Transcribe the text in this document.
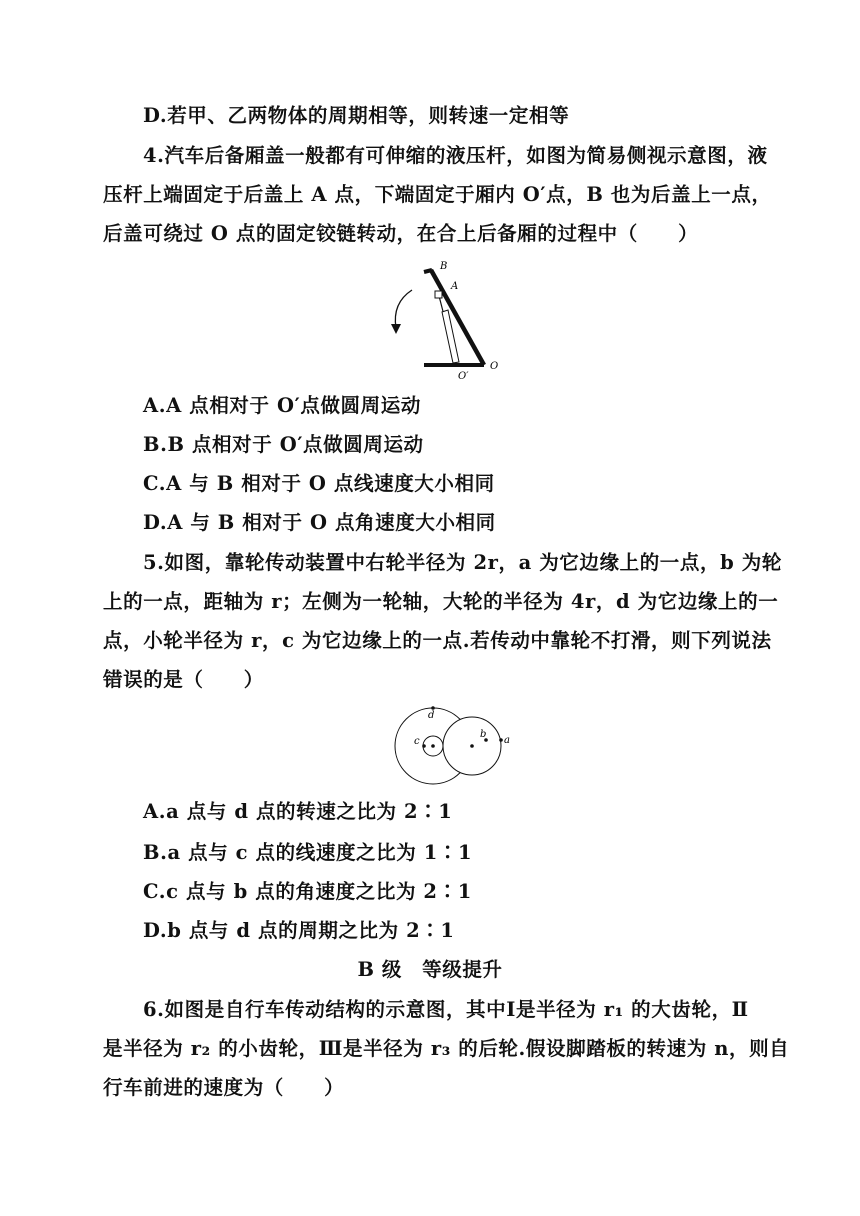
D.若甲、乙两物体的周期相等，则转速一定相等
4.汽车后备厢盖一般都有可伸缩的液压杆，如图为简易侧视示意图，液
压杆上端固定于后盖上 A 点，下端固定于厢内 O′点，B 也为后盖上一点，
后盖可绕过 O 点的固定铰链转动，在合上后备厢的过程中（　　）
B
A
O
O′
A.A 点相对于 O′点做圆周运动
B.B 点相对于 O′点做圆周运动
C.A 与 B 相对于 O 点线速度大小相同
D.A 与 B 相对于 O 点角速度大小相同
5.如图，靠轮传动装置中右轮半径为 2r，a 为它边缘上的一点，b 为轮
上的一点，距轴为 r；左侧为一轮轴，大轮的半径为 4r，d 为它边缘上的一
点，小轮半径为 r，c 为它边缘上的一点.若传动中靠轮不打滑，则下列说法
错误的是（　　）
d
c
b
a
A.a 点与 d 点的转速之比为 2∶1
B.a 点与 c 点的线速度之比为 1∶1
C.c 点与 b 点的角速度之比为 2∶1
D.b 点与 d 点的周期之比为 2∶1
B 级　等级提升
6.如图是自行车传动结构的示意图，其中Ⅰ是半径为 r₁ 的大齿轮，Ⅱ
是半径为 r₂ 的小齿轮，Ⅲ是半径为 r₃ 的后轮.假设脚踏板的转速为 n，则自
行车前进的速度为（　　）
